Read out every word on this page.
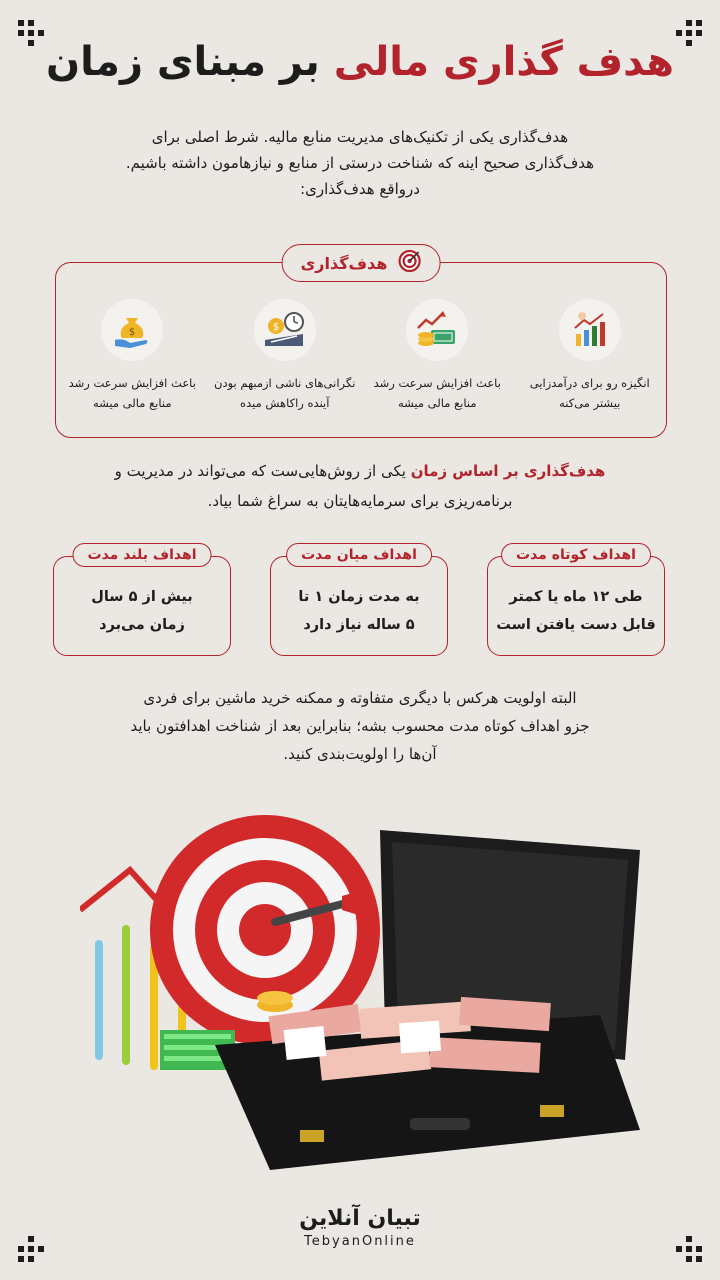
هدف گذاری مالی بر مبنای زمان
هدف‌گذاری یکی از تکنیک‌های مدیریت منابع مالیه. شرط اصلی برای
هدف‌گذاری صحیح اینه که شناخت درستی از منابع و نیازهامون داشته باشیم.
درواقع هدف‌گذاری:
هدف‌گذاری
انگیزه رو برای درآمدزایی
بیشتر می‌کنه
باعث افزایش سرعت رشد
منابع مالی میشه
$
نگرانی‌های ناشی ازمبهم بودن
آینده راکاهش میده
$
باعث افزایش سرعت رشد
منابع مالی میشه
هدف‌گذاری بر اساس زمان یکی از روش‌هایی‌ست که می‌تواند در مدیریت و
برنامه‌ریزی برای سرمایه‌هایتان به سراغ شما بیاد.
اهداف کوتاه مدت
طی ۱۲ ماه یا کمتر
قابل دست یافتن است
اهداف میان مدت
به مدت زمان ۱ تا
۵ ساله نیاز دارد
اهداف بلند مدت
بیش از ۵ سال
زمان می‌برد
البته اولویت هرکس با دیگری متفاوته و ممکنه خرید ماشین برای فردی
جزو اهداف کوتاه مدت محسوب بشه؛ بنابراین بعد از شناخت اهدافتون باید
آن‌ها را اولویت‌بندی کنید.
تبیان آنلاین
TebyanOnline
